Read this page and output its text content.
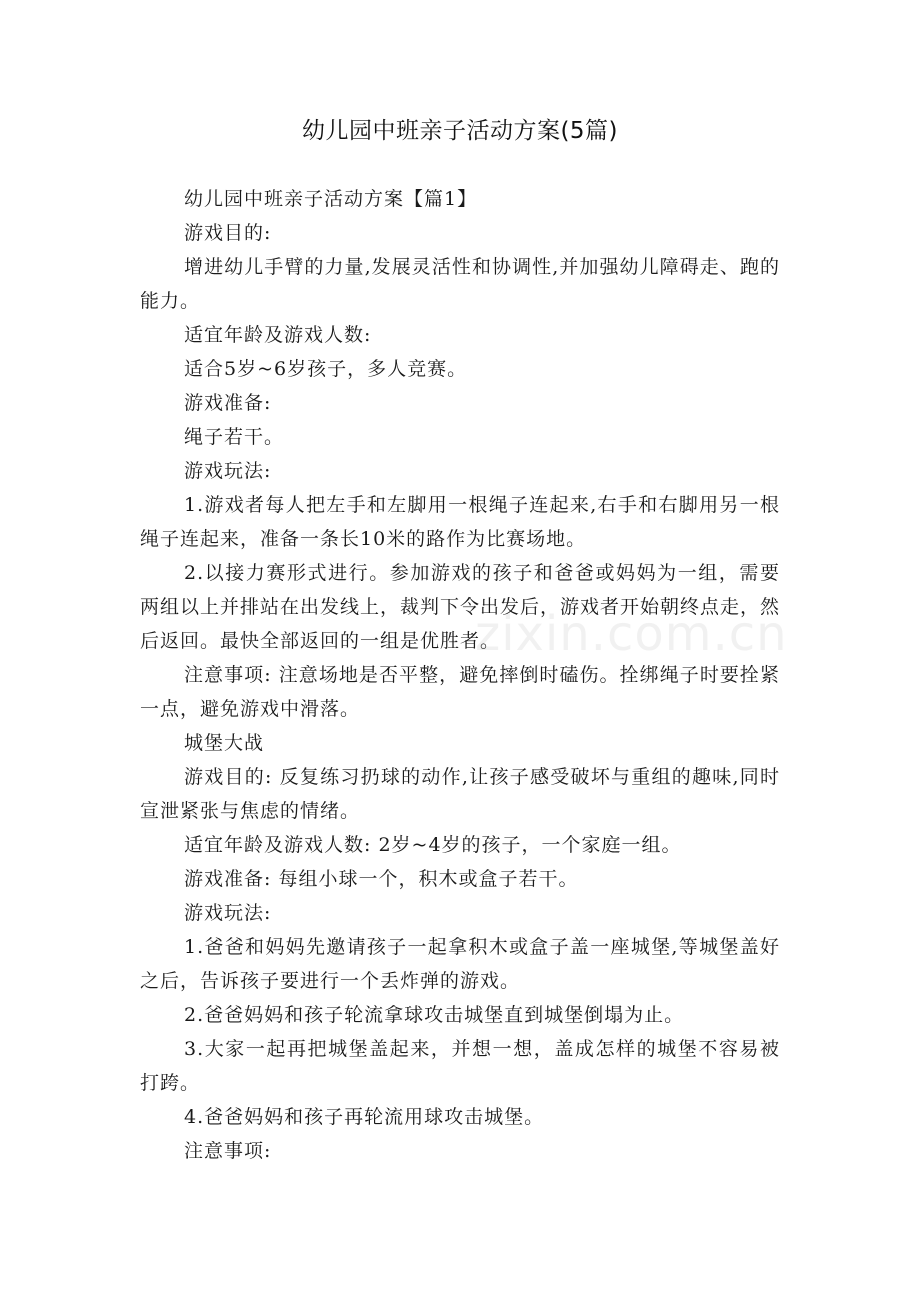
幼儿园中班亲子活动方案(5篇)

幼儿园中班亲子活动方案【篇1】

游戏目的:

增进幼儿手臂的力量,发展灵活性和协调性,并加强幼儿障碍走、跑的能力。

适宜年龄及游戏人数:

适合5岁~6岁孩子，多人竞赛。

游戏准备:

绳子若干。

游戏玩法:

1.游戏者每人把左手和左脚用一根绳子连起来,右手和右脚用另一根绳子连起来，准备一条长10米的路作为比赛场地。

2.以接力赛形式进行。参加游戏的孩子和爸爸或妈妈为一组，需要两组以上并排站在出发线上，裁判下令出发后，游戏者开始朝终点走，然后返回。最快全部返回的一组是优胜者。

注意事项: 注意场地是否平整，避免摔倒时磕伤。拴绑绳子时要拴紧一点，避免游戏中滑落。

城堡大战

游戏目的: 反复练习扔球的动作,让孩子感受破坏与重组的趣味,同时宣泄紧张与焦虑的情绪。

适宜年龄及游戏人数: 2岁~4岁的孩子，一个家庭一组。

游戏准备: 每组小球一个，积木或盒子若干。

游戏玩法:

1.爸爸和妈妈先邀请孩子一起拿积木或盒子盖一座城堡,等城堡盖好之后，告诉孩子要进行一个丢炸弹的游戏。

2.爸爸妈妈和孩子轮流拿球攻击城堡直到城堡倒塌为止。

3.大家一起再把城堡盖起来，并想一想，盖成怎样的城堡不容易被打跨。

4.爸爸妈妈和孩子再轮流用球攻击城堡。

注意事项:

zixin.com.cn
